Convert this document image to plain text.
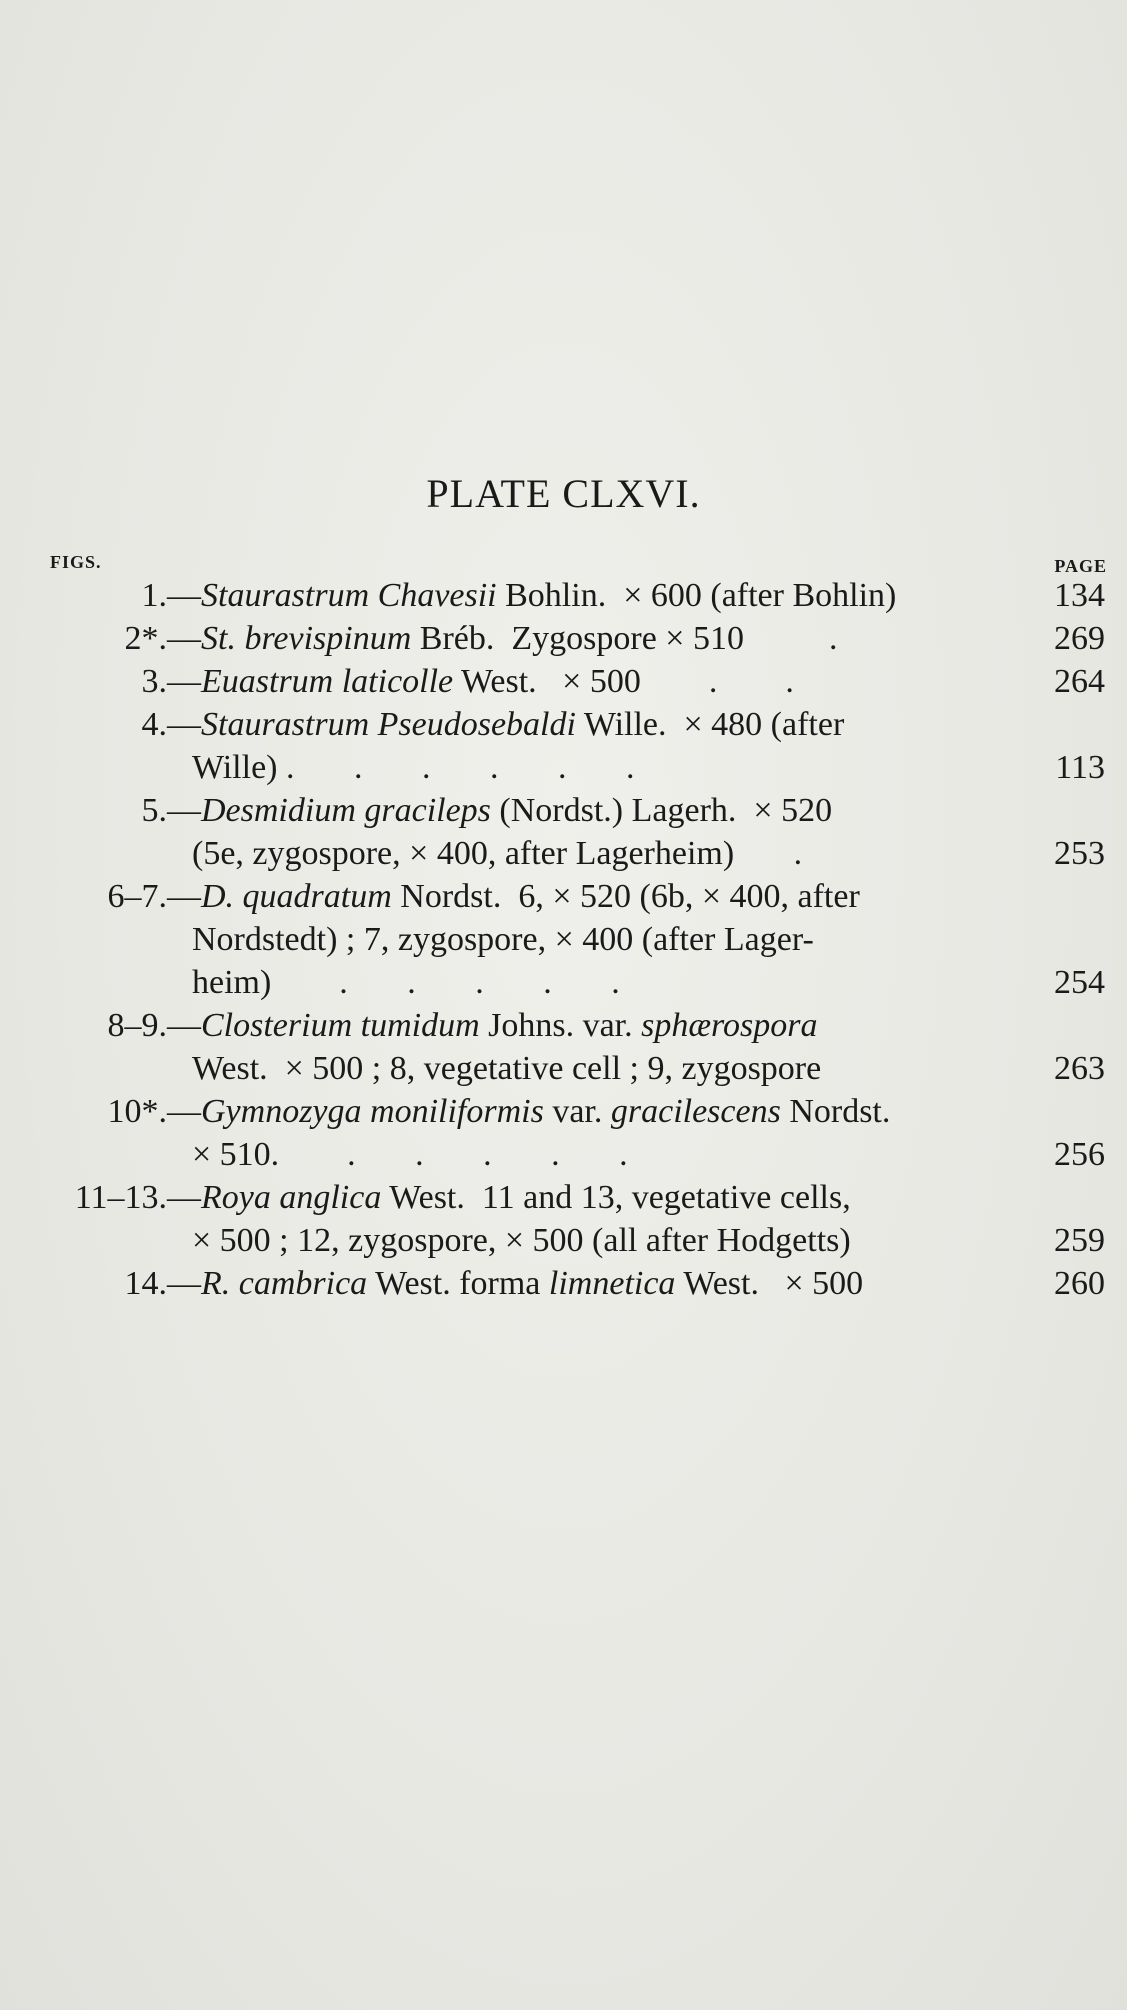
PLATE CLXVI.
FIGS.	PAGE
1. —Staurastrum Chavesii Bohlin.  × 600 (after Bohlin)	134
2*. —St. brevispinum Bréb.  Zygospore × 510          .	269
3. —Euastrum laticolle West.   × 500        .        .	264
4. —Staurastrum Pseudosebaldi Wille.  × 480 (after
Wille) .       .       .       .       .       .	113
5. —Desmidium gracileps (Nordst.) Lagerh.  × 520
(5e, zygospore, × 400, after Lagerheim)       .	253
6–7. —D. quadratum Nordst.  6, × 520 (6b, × 400, after
Nordstedt) ; 7, zygospore, × 400 (after Lager-
heim)        .       .       .       .       .	254
8–9. —Closterium tumidum Johns. var. sphærospora
West.  × 500 ; 8, vegetative cell ; 9, zygospore	263
10*. —Gymnozyga moniliformis var. gracilescens Nordst.
× 510.        .       .       .       .       .	256
11–13. —Roya anglica West.  11 and 13, vegetative cells,
× 500 ; 12, zygospore, × 500 (all after Hodgetts)	259
14. —R. cambrica West. forma limnetica West.   × 500	260
